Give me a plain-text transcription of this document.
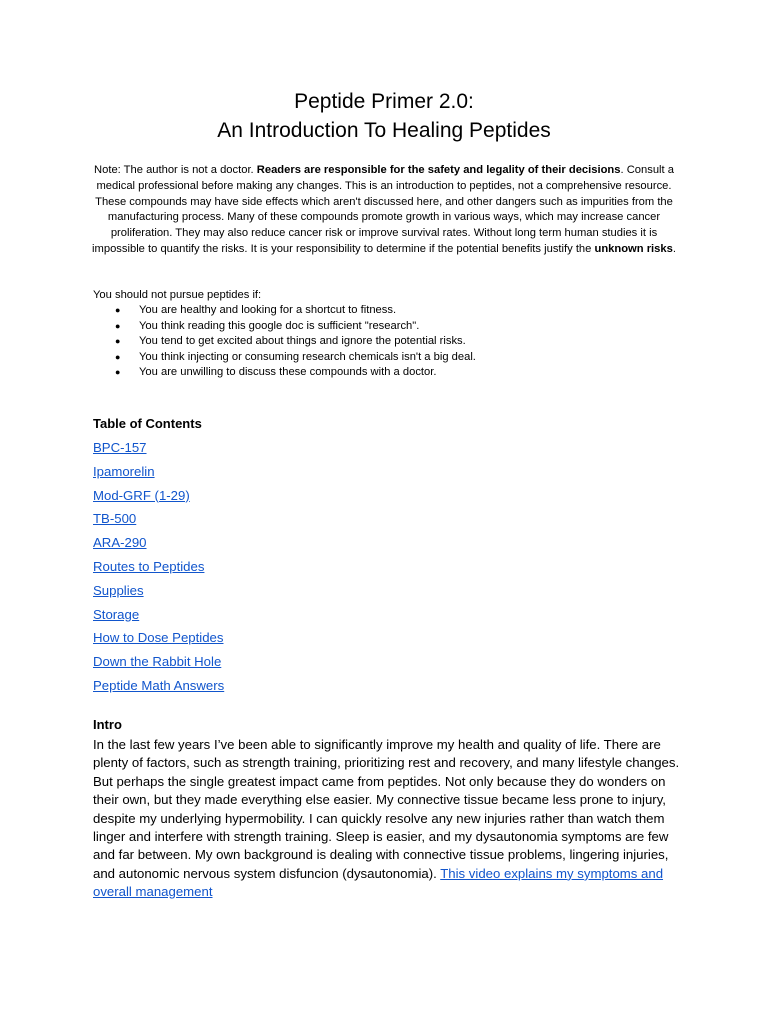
Peptide Primer 2.0:
An Introduction To Healing Peptides

Note: The author is not a doctor. Readers are responsible for the safety and legality of their decisions. Consult a medical professional before making any changes. This is an introduction to peptides, not a comprehensive resource. These compounds may have side effects which aren't discussed here, and other dangers such as impurities from the manufacturing process. Many of these compounds promote growth in various ways, which may increase cancer proliferation. They may also reduce cancer risk or improve survival rates. Without long term human studies it is impossible to quantify the risks. It is your responsibility to determine if the potential benefits justify the unknown risks.

You should not pursue peptides if:

● You are healthy and looking for a shortcut to fitness.
● You think reading this google doc is sufficient "research".
● You tend to get excited about things and ignore the potential risks.
● You think injecting or consuming research chemicals isn't a big deal.
● You are unwilling to discuss these compounds with a doctor.
Table of Contents
BPC-157
Ipamorelin
Mod-GRF (1-29)
TB-500
ARA-290
Routes to Peptides
Supplies
Storage
How to Dose Peptides
Down the Rabbit Hole
Peptide Math Answers
Intro

In the last few years I’ve been able to significantly improve my health and quality of life. There are plenty of factors, such as strength training, prioritizing rest and recovery, and many lifestyle changes. But perhaps the single greatest impact came from peptides. Not only because they do wonders on their own, but they made everything else easier. My connective tissue became less prone to injury, despite my underlying hypermobility. I can quickly resolve any new injuries rather than watch them linger and interfere with strength training. Sleep is easier, and my dysautonomia symptoms are few and far between. My own background is dealing with connective tissue problems, lingering injuries, and autonomic nervous system disfuncion (dysautonomia). This video explains my symptoms and overall management
